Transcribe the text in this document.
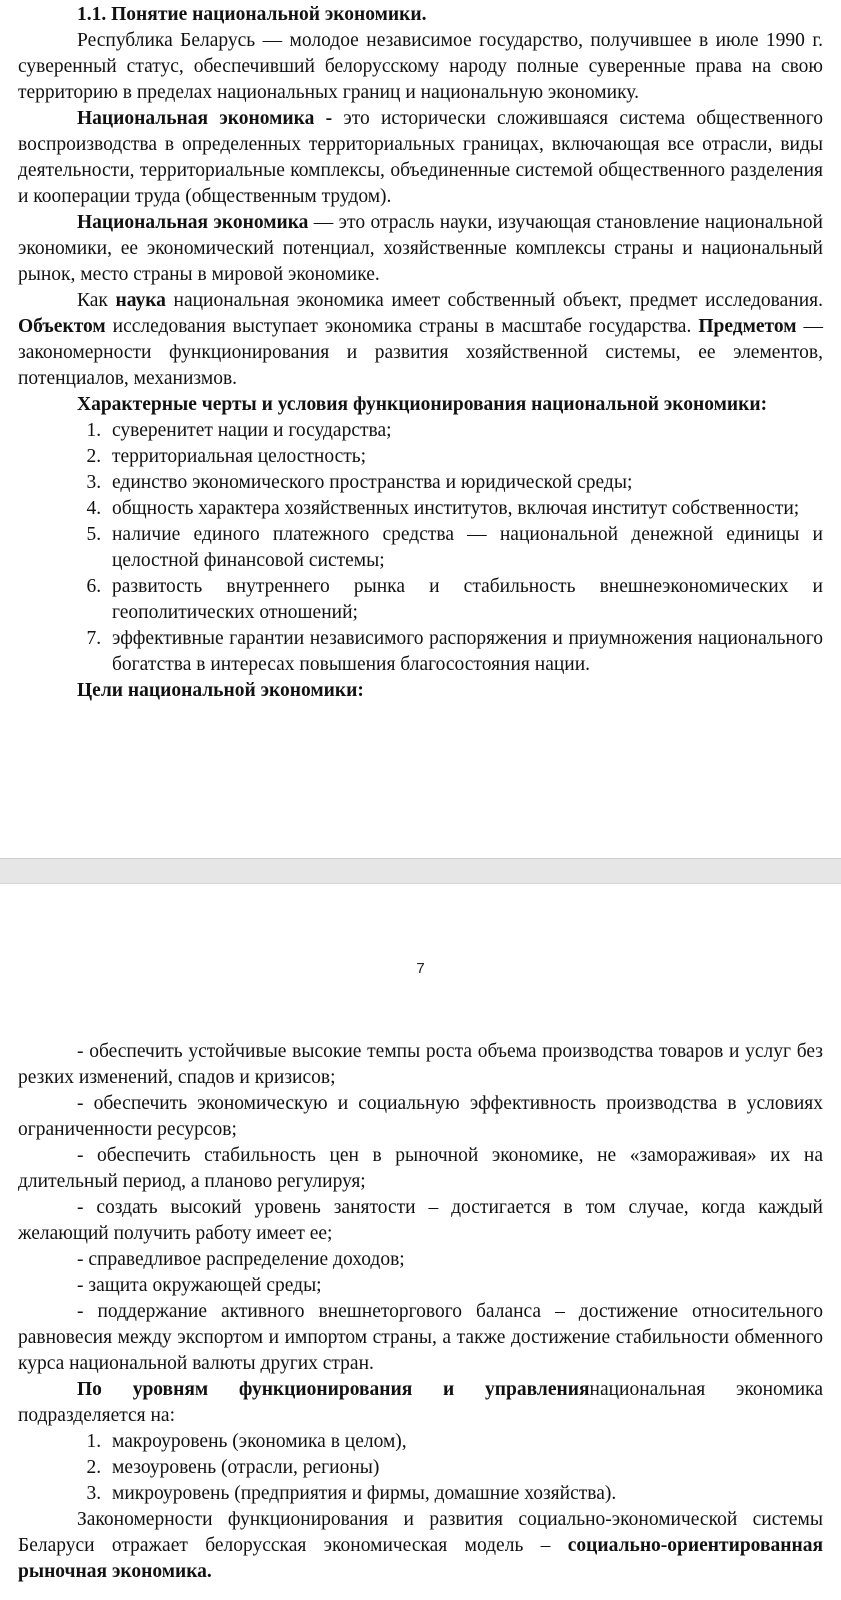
1.1. Понятие национальной экономики.

Республика Беларусь — молодое независимое государство, получившее в июле 1990 г. суверенный статус, обеспечивший белорусскому народу полные суверенные права на свою территорию в пределах национальных границ и национальную экономику.

Национальная экономика - это исторически сложившаяся система общественного воспроизводства в определенных территориальных границах, включающая все отрасли, виды деятельности, территориальные комплексы, объединенные системой общественного разделения и кооперации труда (общественным трудом).

Национальная экономика — это отрасль науки, изучающая становление национальной экономики, ее экономический потенциал, хозяйственные комплексы страны и национальный рынок, место страны в мировой экономике.

Как наука национальная экономика имеет собственный объект, предмет исследования. Объектом исследования выступает экономика страны в масштабе государства. Предметом — закономерности функционирования и развития хозяйственной системы, ее элементов, потенциалов, механизмов.

Характерные черты и условия функционирования национальной экономики:

1. суверенитет нации и государства;
2. территориальная целостность;
3. единство экономического пространства и юридической среды;
4. общность характера хозяйственных институтов, включая институт собственности;
5. наличие единого платежного средства — национальной денежной единицы и целостной финансовой системы;
6. развитость внутреннего рынка и стабильность внешнеэкономических и геополитических отношений;
7. эффективные гарантии независимого распоряжения и приумножения национального богатства в интересах повышения благосостояния нации.

Цели национальной экономики:

7

- обеспечить устойчивые высокие темпы роста объема производства товаров и услуг без резких изменений, спадов и кризисов;

- обеспечить экономическую и социальную эффективность производства в условиях ограниченности ресурсов;

- обеспечить стабильность цен в рыночной экономике, не «замораживая» их на длительный период, а планово регулируя;

- создать высокий уровень занятости – достигается в том случае, когда каждый желающий получить работу имеет ее;

- справедливое распределение доходов;

- защита окружающей среды;

- поддержание активного внешнеторгового баланса – достижение относительного равновесия между экспортом и импортом страны, а также достижение стабильности обменного курса национальной валюты других стран.

По уровням функционирования и управлениянациональная экономика подразделяется на:

1. макроуровень (экономика в целом),
2. мезоуровень (отрасли, регионы)
3. микроуровень (предприятия и фирмы, домашние хозяйства).

Закономерности функционирования и развития социально-экономической системы Беларуси отражает белорусская экономическая модель – социально-ориентированная рыночная экономика.
